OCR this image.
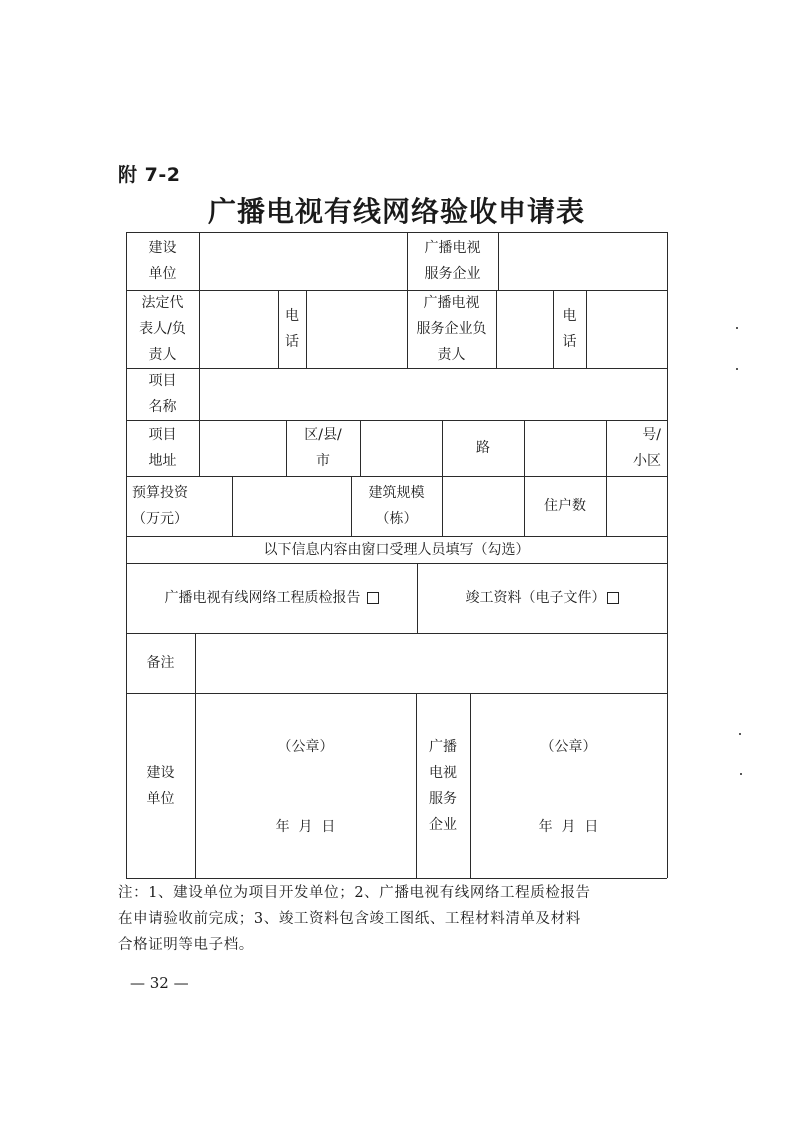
附 7-2
广播电视有线网络验收申请表
建设
单位
广播电视
服务企业
法定代
表人/负
责人
电
话
广播电视
服务企业负
责人
电
话
项目
名称
项目
地址
区/县/
市
路
号/
小区
预算投资
（万元）
建筑规模
（栋）
住户数
以下信息内容由窗口受理人员填写（勾选）
广播电视有线网络工程质检报告	竣工资料（电子文件）
备注
建设
单位
（公章）
年  月  日
广播
电视
服务
企业
（公章）
年  月  日
注：1、建设单位为项目开发单位；2、广播电视有线网络工程质检报告
在申请验收前完成；3、竣工资料包含竣工图纸、工程材料清单及材料
合格证明等电子档。
— 32 —
